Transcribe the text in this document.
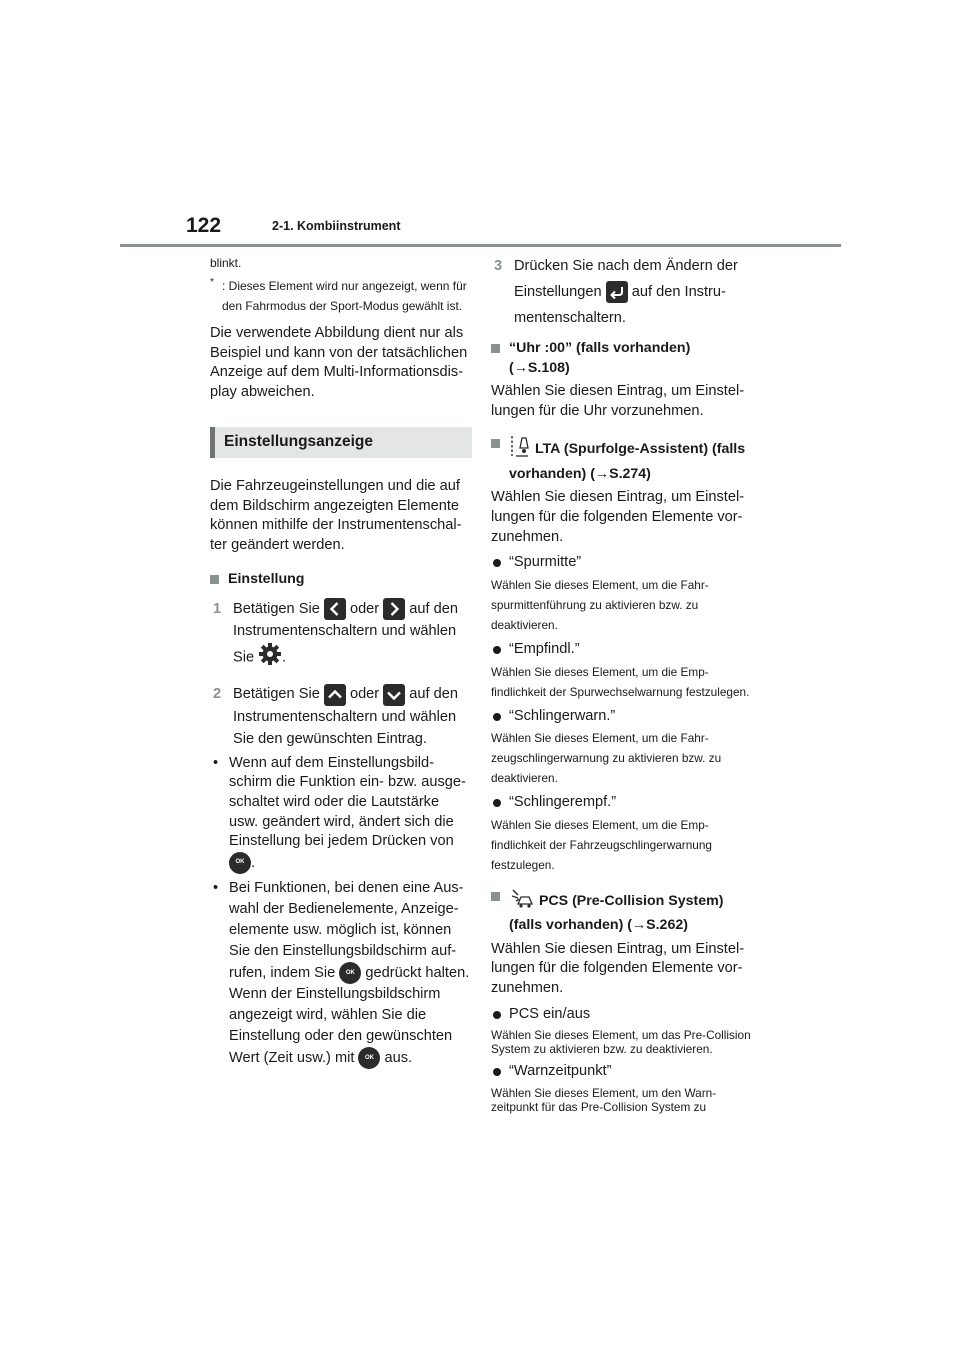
122	2-1. Kombiinstrument

blinkt.

* : Dieses Element wird nur angezeigt, wenn für den Fahrmodus der Sport-Modus gewählt ist.

Die verwendete Abbildung dient nur als Beispiel und kann von der tatsächlichen Anzeige auf dem Multi-Informationsdisplay abweichen.

Einstellungsanzeige

Die Fahrzeugeinstellungen und die auf dem Bildschirm angezeigten Elemente können mithilfe der Instrumentenschalter geändert werden.

Einstellung
1 Betätigen Sie oder auf den Instrumentenschaltern und wählen Sie .
2 Betätigen Sie oder auf den Instrumentenschaltern und wählen Sie den gewünschten Eintrag.
• Wenn auf dem Einstellungsbildschirm die Funktion ein- bzw. ausgeschaltet wird oder die Lautstärke usw. geändert wird, ändert sich die Einstellung bei jedem Drücken von OK .
• Bei Funktionen, bei denen eine Auswahl der Bedienelemente, Anzeigeelemente usw. möglich ist, können Sie den Einstellungsbildschirm aufrufen, indem Sie OK gedrückt halten. Wenn der Einstellungsbildschirm angezeigt wird, wählen Sie die Einstellung oder den gewünschten Wert (Zeit usw.) mit OK aus.
3 Drücken Sie nach dem Ändern der Einstellungen auf den Instrumentenschaltern.
“Uhr :00” (falls vorhanden) (→S.108)

Wählen Sie diesen Eintrag, um Einstellungen für die Uhr vorzunehmen.

LTA (Spurfolge-Assistent) (falls vorhanden) (→S.274)

Wählen Sie diesen Eintrag, um Einstellungen für die folgenden Elemente vorzunehmen.

“Spurmitte”

Wählen Sie dieses Element, um die Fahrspurmittenführung zu aktivieren bzw. zu deaktivieren.

“Empfindl.”

Wählen Sie dieses Element, um die Empfindlichkeit der Spurwechselwarnung festzulegen.

“Schlingerwarn.”

Wählen Sie dieses Element, um die Fahrzeugschlingerwarnung zu aktivieren bzw. zu deaktivieren.

“Schlingerempf.”

Wählen Sie dieses Element, um die Empfindlichkeit der Fahrzeugschlingerwarnung festzulegen.

PCS (Pre-Collision System) (falls vorhanden) (→S.262)

Wählen Sie diesen Eintrag, um Einstellungen für die folgenden Elemente vorzunehmen.

PCS ein/aus

Wählen Sie dieses Element, um das Pre-Collision System zu aktivieren bzw. zu deaktivieren.

“Warnzeitpunkt”

Wählen Sie dieses Element, um den Warnzeitpunkt für das Pre-Collision System zu
